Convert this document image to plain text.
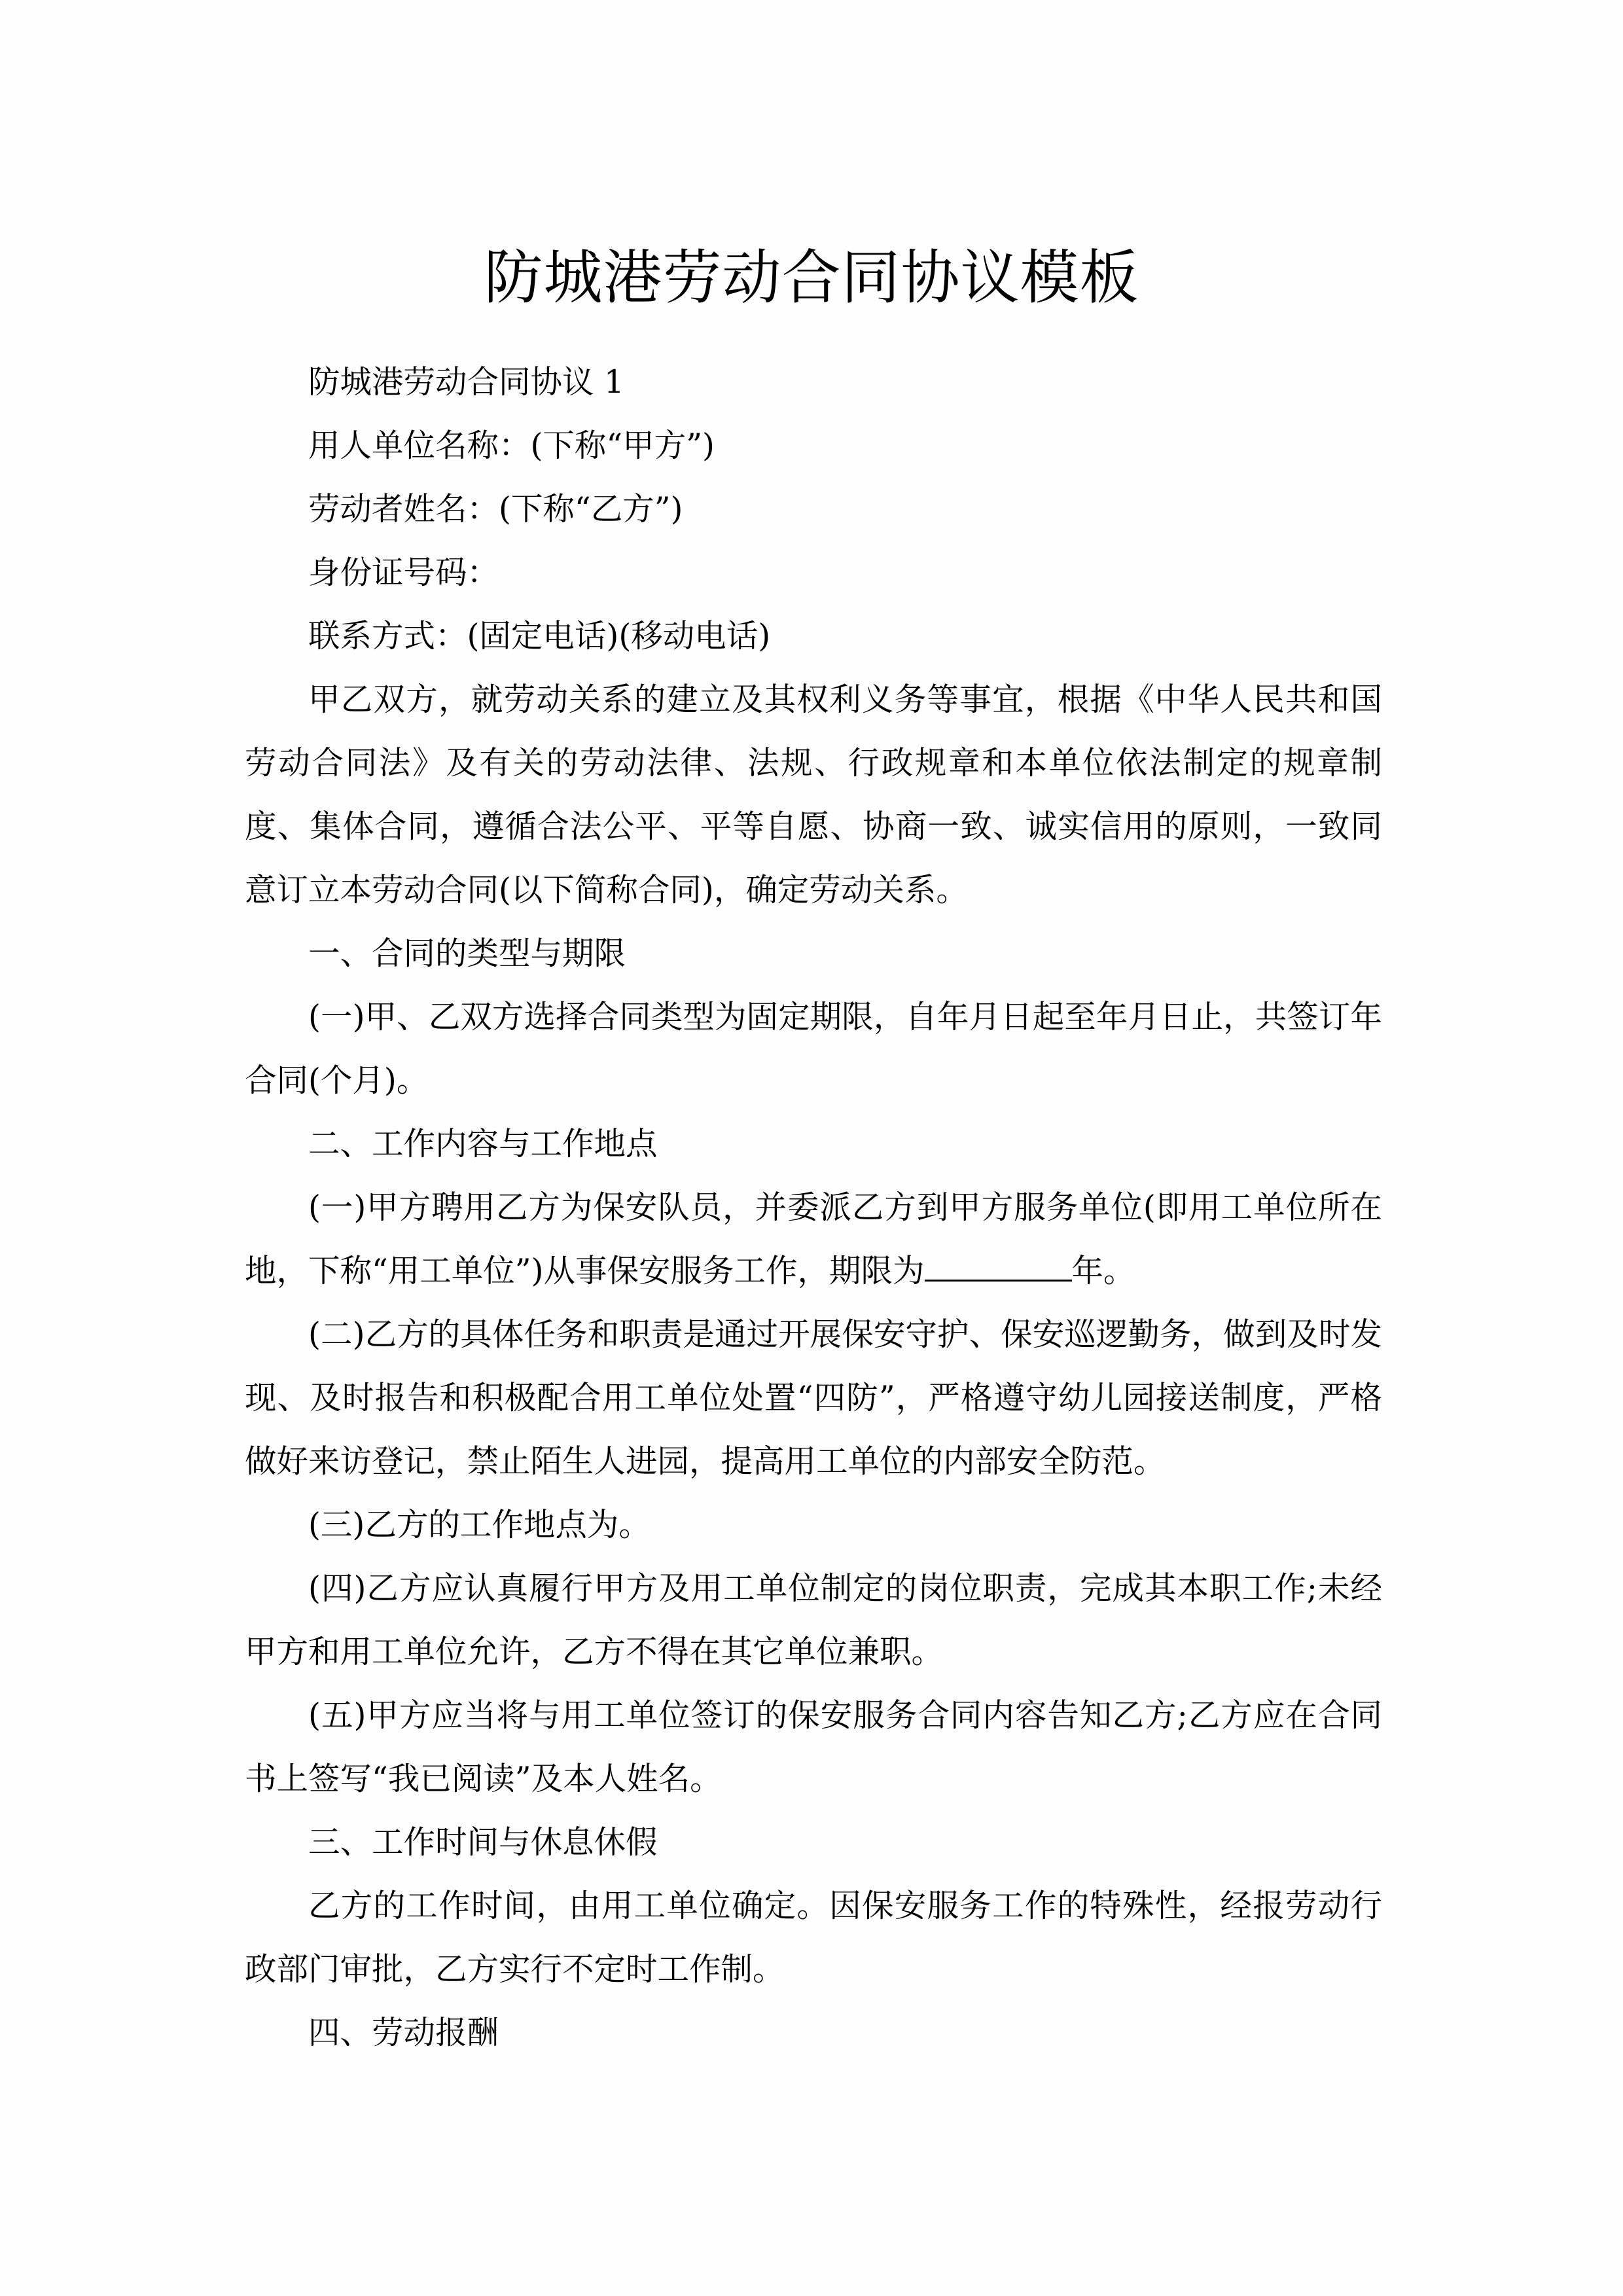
防城港劳动合同协议模板

防城港劳动合同协议 1

用人单位名称：(下称“甲方”)

劳动者姓名：(下称“乙方”)

身份证号码：

联系方式：(固定电话)(移动电话)

甲乙双方，就劳动关系的建立及其权利义务等事宜，根据《中华人民共和国劳动合同法》及有关的劳动法律、法规、行政规章和本单位依法制定的规章制度、集体合同，遵循合法公平、平等自愿、协商一致、诚实信用的原则，一致同意订立本劳动合同(以下简称合同)，确定劳动关系。

一、合同的类型与期限

(一)甲、乙双方选择合同类型为固定期限，自年月日起至年月日止，共签订年合同(个月)。

二、工作内容与工作地点

(一)甲方聘用乙方为保安队员，并委派乙方到甲方服务单位(即用工单位所在地，下称“用工单位”)从事保安服务工作，期限为	年。

(二)乙方的具体任务和职责是通过开展保安守护、保安巡逻勤务，做到及时发现、及时报告和积极配合用工单位处置“四防”，严格遵守幼儿园接送制度，严格做好来访登记，禁止陌生人进园，提高用工单位的内部安全防范。

(三)乙方的工作地点为。

(四)乙方应认真履行甲方及用工单位制定的岗位职责，完成其本职工作;未经甲方和用工单位允许，乙方不得在其它单位兼职。

(五)甲方应当将与用工单位签订的保安服务合同内容告知乙方;乙方应在合同书上签写“我已阅读”及本人姓名。

三、工作时间与休息休假

乙方的工作时间，由用工单位确定。因保安服务工作的特殊性，经报劳动行政部门审批，乙方实行不定时工作制。

四、劳动报酬
